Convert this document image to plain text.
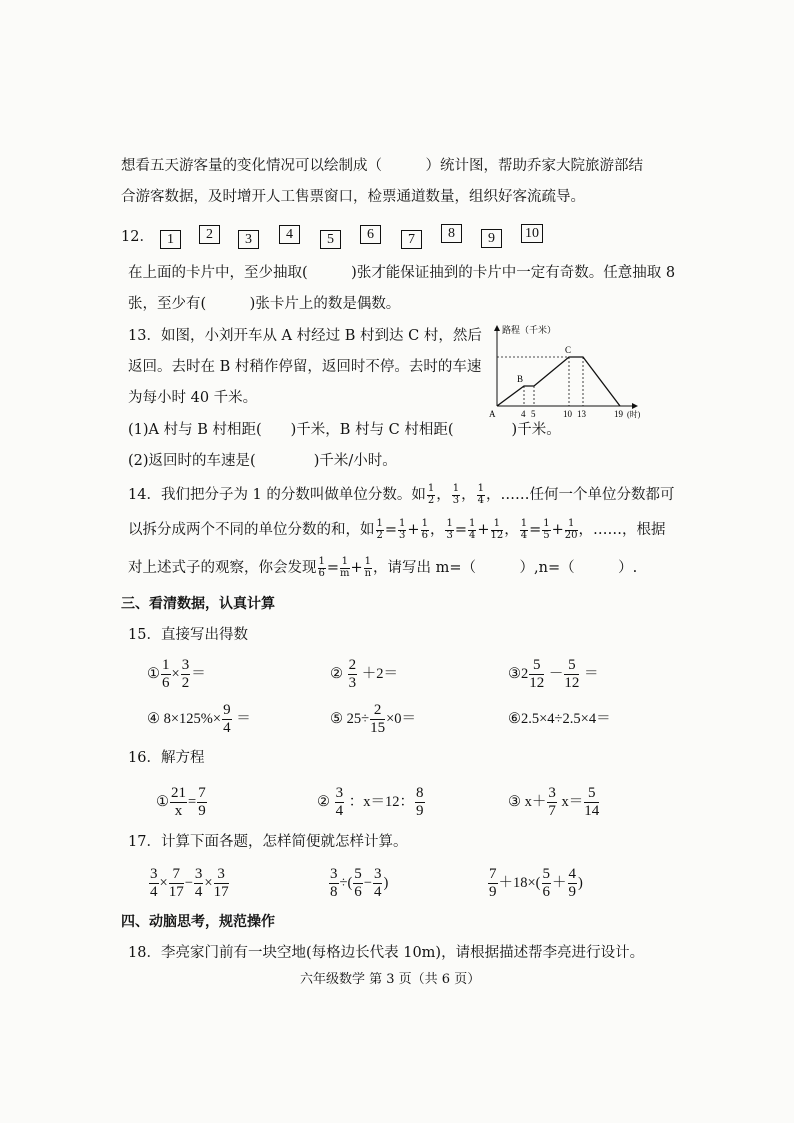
想看五天游客量的变化情况可以绘制成（　　　）统计图，帮助乔家大院旅游部结
合游客数据，及时增开人工售票窗口，检票通道数量，组织好客流疏导。
12． 1	2	3	4	5	6	7	8	9	10
在上面的卡片中，至少抽取(　　　)张才能保证抽到的卡片中一定有奇数。任意抽取 8
张，至少有(　　　)张卡片上的数是偶数。
13．如图，小刘开车从 A 村经过 B 村到达 C 村，然后
返回。去时在 B 村稍作停留，返回时不停。去时的车速
为每小时 40 千米。
路程（千米）
A
B
C
4 5	10 13	19 (时)
(1)A 村与 B 村相距(　　)千米，B 村与 C 村相距(　　　　)千米。
(2)返回时的车速是(　　　　)千米/小时。
14．我们把分子为 1 的分数叫做单位分数。如 $\frac{1}{2}$ ， $\frac{1}{3}$ ， $\frac{1}{4}$ ，……任何一个单位分数都可
以拆分成两个不同的单位分数的和，如 $\frac{1}{2} = \frac{1}{3} + \frac{1}{6}$ ， $\frac{1}{3} = \frac{1}{4} + \frac{1}{12}$ ， $\frac{1}{4} = \frac{1}{5} + \frac{1}{20}$ ，……，根据
对上述式子的观察，你会发现 $\frac{1}{6} = \frac{1}{m} + \frac{1}{n}$ ，请写出 m=（　　　）,n=（　　　）.
三、看清数据，认真计算
15．直接写出得数
① $\frac{1}{6} \times \frac{3}{2}$ ＝	② $\frac{2}{3} +2=$	③2 $\frac{5}{12} - \frac{5}{12}$ ＝
④ $8\times 125\%\times \frac{9}{4}$ ＝	⑤ $25\div \frac{2}{15} \times 0=$	⑥2.5×4÷2.5×4＝
16．解方程
① $\frac{21}{x} = \frac{7}{9}$	② $\frac{3}{4}$ ：x＝12： $\frac{8}{9}$	③ $x+ \frac{3}{7} x= \frac{5}{14}$
17．计算下面各题，怎样简便就怎样计算。
$\frac{3}{4} \times \frac{7}{17} - \frac{3}{4} \times \frac{3}{17}$	$\frac{3}{8}$ ÷( $\frac{5}{6} - \frac{3}{4}$ )	$\frac{7}{9} +18\times( \frac{5}{6} + \frac{4}{9}$ )
四、动脑思考，规范操作
18．李亮家门前有一块空地(每格边长代表 10m)，请根据描述帮李亮进行设计。
六年级数学 第 3 页（共 6 页）
